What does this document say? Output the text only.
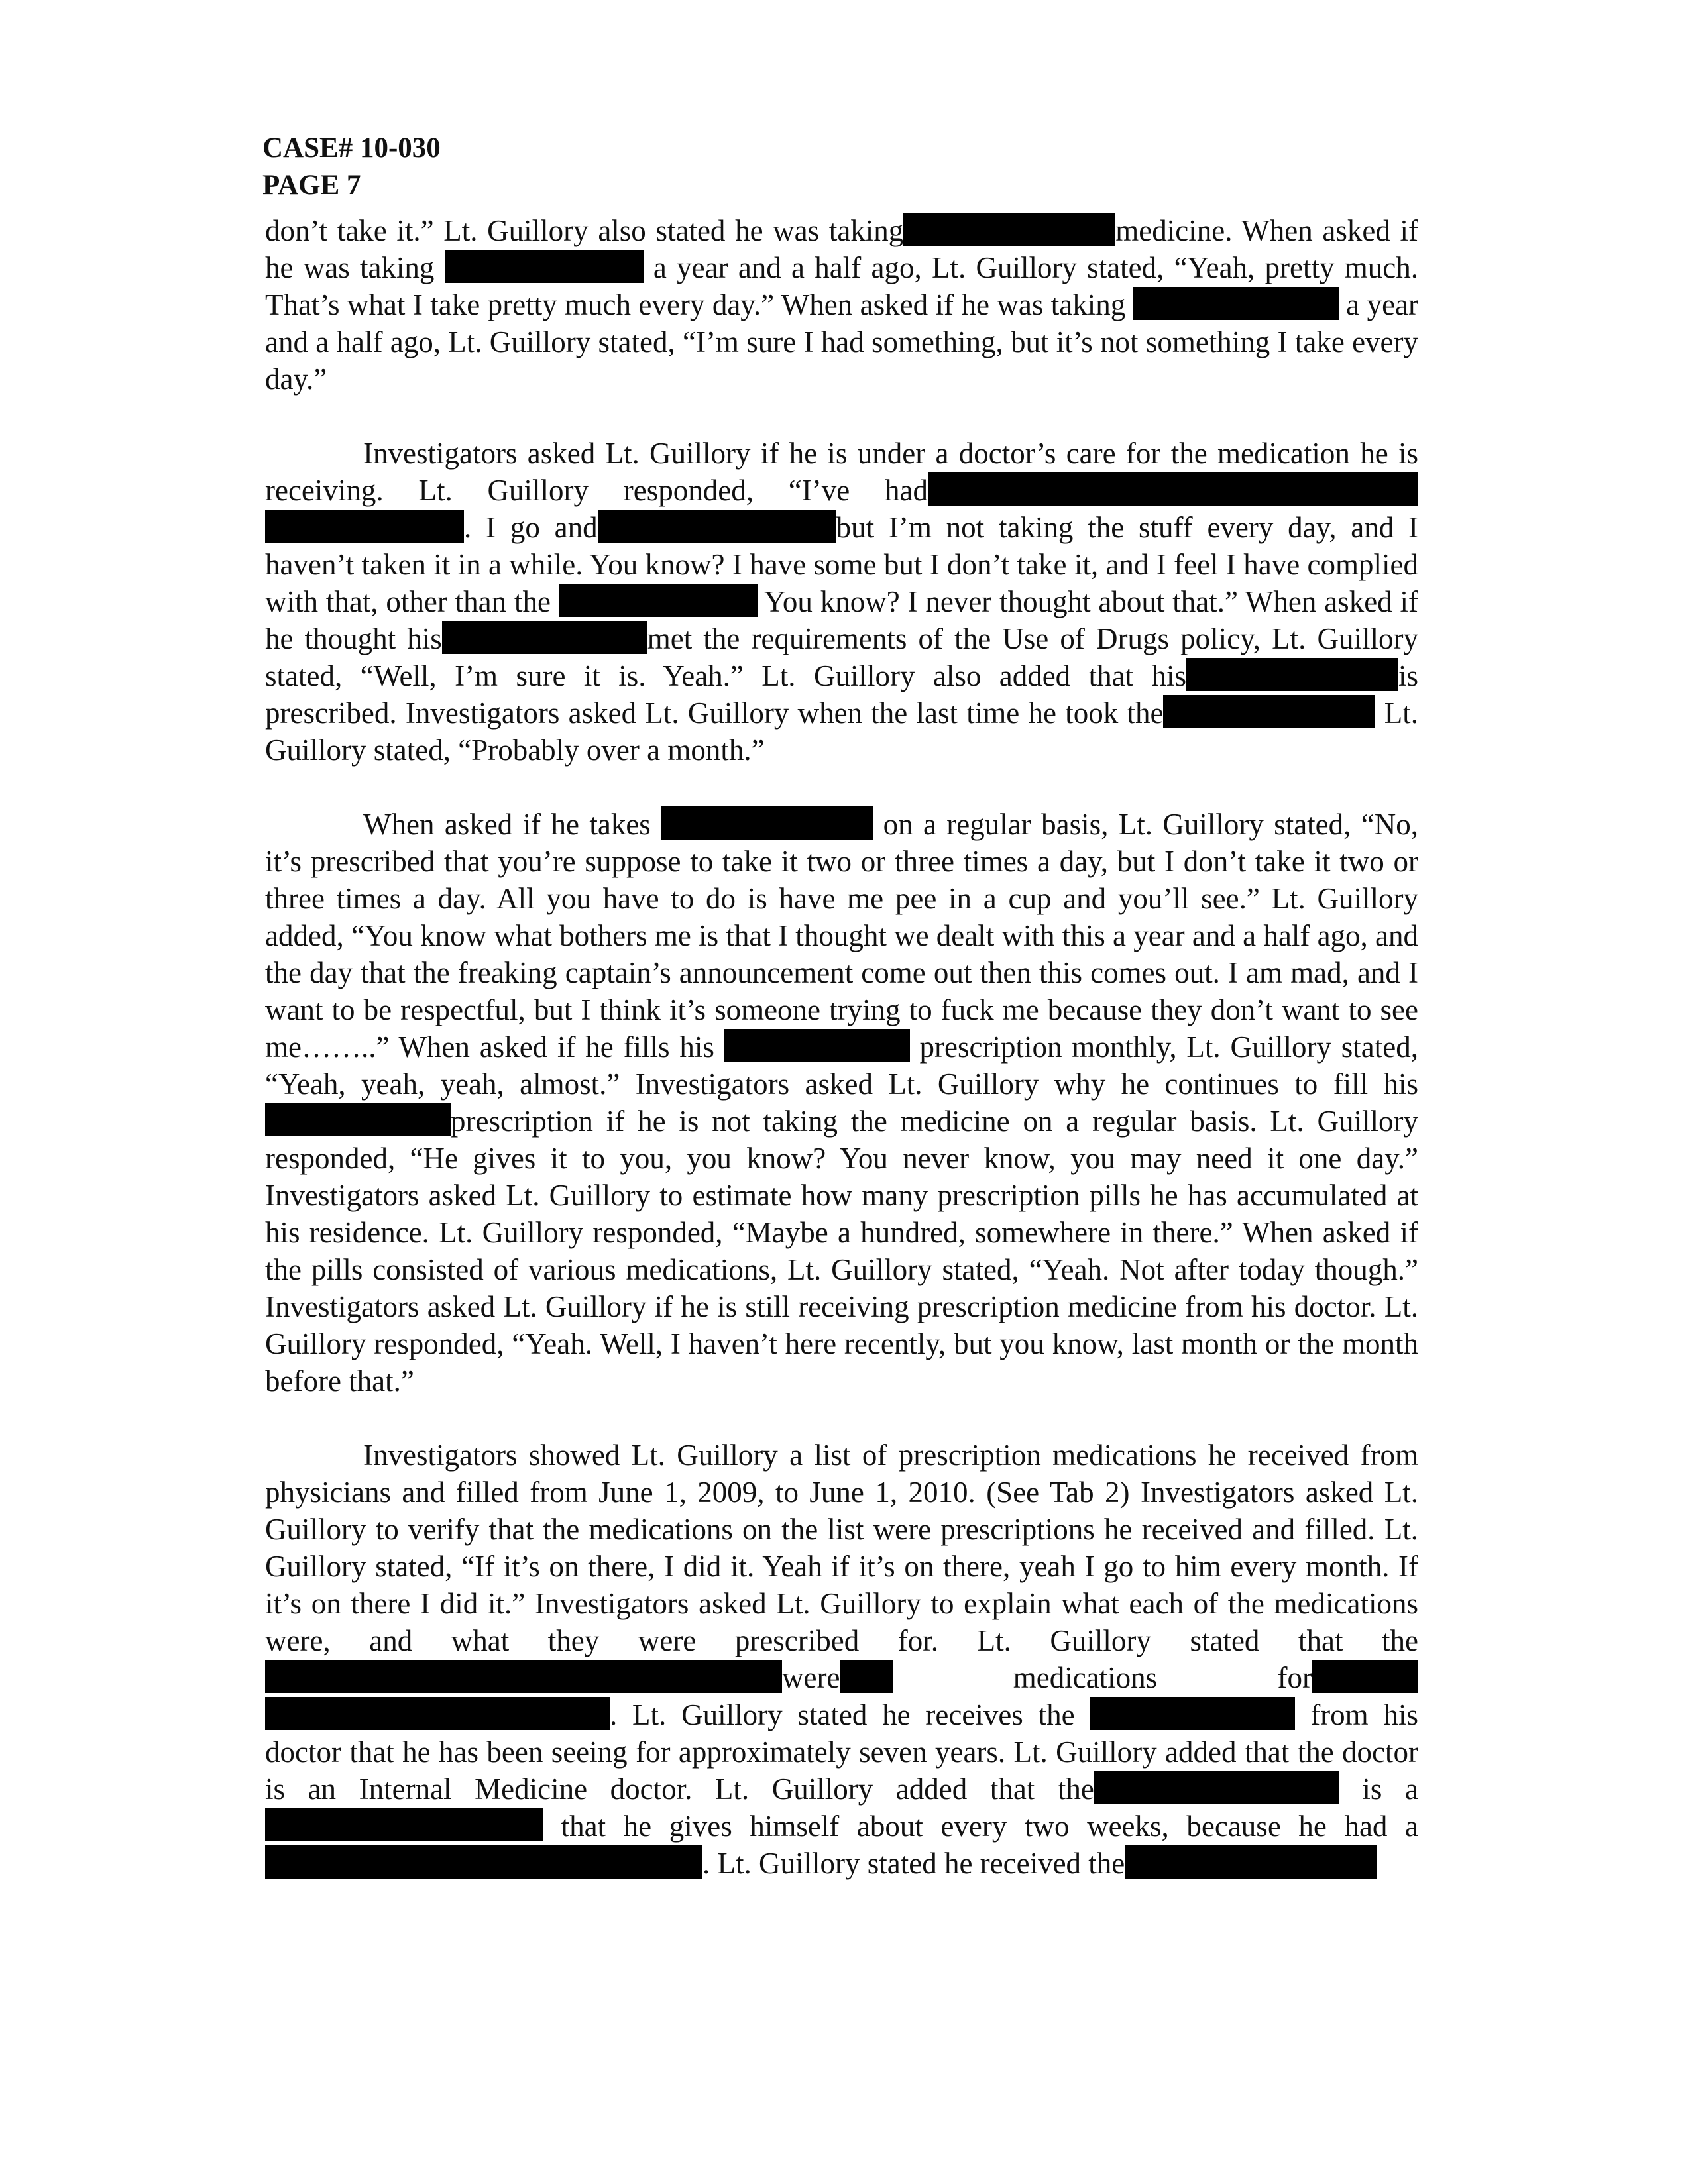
CASE# 10-030
PAGE 7

don’t take it.” Lt. Guillory also stated he was taking	medicine. When asked if he was taking	a year and a half ago, Lt. Guillory stated, “Yeah, pretty much. That’s what I take pretty much every day.” When asked if he was taking	a year and a half ago, Lt. Guillory stated, “I’m sure I had something, but it’s not something I take every day.”

Investigators asked Lt. Guillory if he is under a doctor’s care for the medication he is receiving. Lt. Guillory responded, “I’ve had. I go and	but I’m not taking the stuff every day, and I haven’t taken it in a while. You know? I have some but I don’t take it, and I feel I have complied with that, other than the	You know? I never thought about that.” When asked if he thought his	met the requirements of the Use of Drugs policy, Lt. Guillory stated, “Well, I’m sure it is. Yeah.” Lt. Guillory also added that his	is prescribed. Investigators asked Lt. Guillory when the last time he took the	Lt. Guillory stated, “Probably over a month.”

When asked if he takes	on a regular basis, Lt. Guillory stated, “No, it’s prescribed that you’re suppose to take it two or three times a day, but I don’t take it two or three times a day. All you have to do is have me pee in a cup and you’ll see.” Lt. Guillory added, “You know what bothers me is that I thought we dealt with this a year and a half ago, and the day that the freaking captain’s announcement come out then this comes out. I am mad, and I want to be respectful, but I think it’s someone trying to fuck me because they don’t want to see me……..” When asked if he fills his	prescription monthly, Lt. Guillory stated, “Yeah, yeah, yeah, almost.” Investigators asked Lt. Guillory why he continues to fill hisprescription if he is not taking the medicine on a regular basis. Lt. Guillory responded, “He gives it to you, you know? You never know, you may need it one day.” Investigators asked Lt. Guillory to estimate how many prescription pills he has accumulated at his residence. Lt. Guillory responded, “Maybe a hundred, somewhere in there.” When asked if the pills consisted of various medications, Lt. Guillory stated, “Yeah. Not after today though.” Investigators asked Lt. Guillory if he is still receiving prescription medicine from his doctor. Lt. Guillory responded, “Yeah. Well, I haven’t here recently, but you know, last month or the month before that.”

Investigators showed Lt. Guillory a list of prescription medications he received from physicians and filled from June 1, 2009, to June 1, 2010. (See Tab 2) Investigators asked Lt. Guillory to verify that the medications on the list were prescriptions he received and filled. Lt. Guillory stated, “If it’s on there, I did it. Yeah if it’s on there, yeah I go to him every month. If it’s on there I did it.” Investigators asked Lt. Guillory to explain what each of the medications were, and what they were prescribed for. Lt. Guillory stated that thewere medications for. Lt. Guillory stated he receives the	from his doctor that he has been seeing for approximately seven years. Lt. Guillory added that the doctor is an Internal Medicine doctor. Lt. Guillory added that the	is a  that he gives himself about every two weeks, because he had a . Lt. Guillory stated he received the
